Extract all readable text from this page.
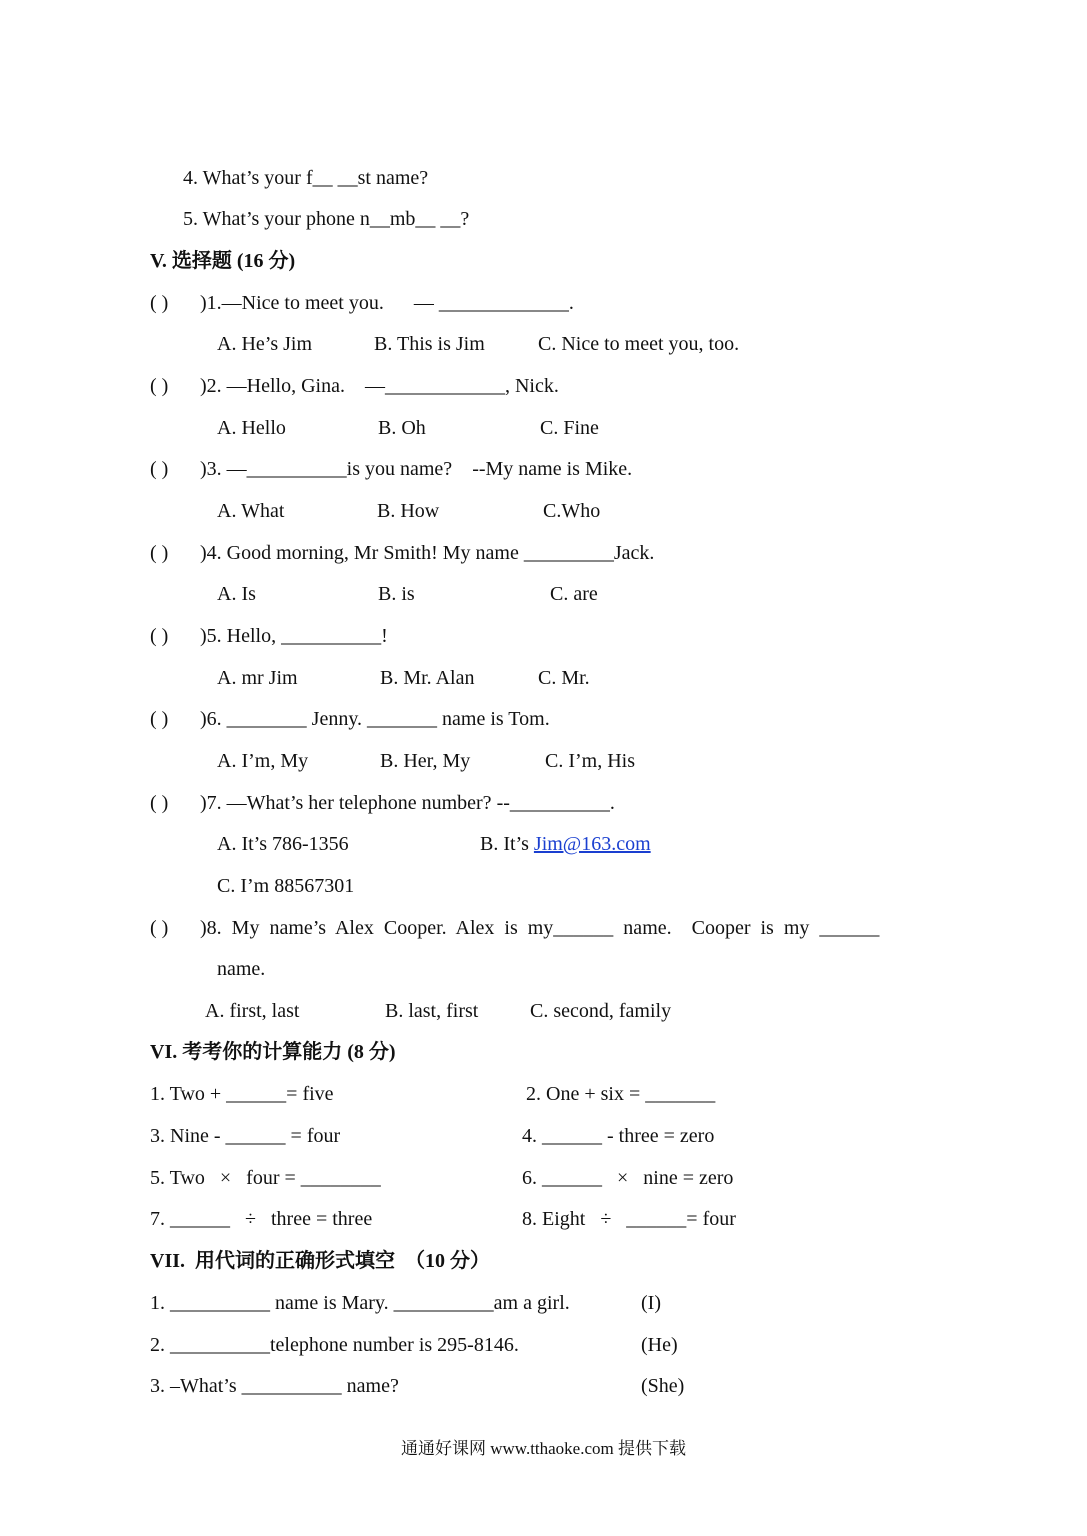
4. What’s your f__ __st name?
5. What’s your phone n__mb__ __?
V. 选择题 (16 分)
( ) )1.—Nice to meet you.      — _____________.
A. He’s Jim	B. This is Jim	C. Nice to meet you, too.
( ) )2. —Hello, Gina.    —____________, Nick.
A. Hello	B. Oh	C. Fine
( ) )3. —__________is you name?    --My name is Mike.
A. What	B. How	C.Who
( ) )4. Good morning, Mr Smith! My name _________Jack.
A. Is	B. is	C. are
( ) )5. Hello, __________!
A. mr Jim	B. Mr. Alan	C. Mr.
( ) )6. ________ Jenny. _______ name is Tom.
A. I’m, My	B. Her, My	C. I’m, His
( ) )7. —What’s her telephone number? --__________.
A. It’s 786-1356	B. It’s Jim@163.com
C. I’m 88567301
( ) )8.  My  name’s  Alex  Cooper.  Alex  is  my______  name.    Cooper  is  my  ______
name.
A. first, last	B. last, first	C. second, family
VI. 考考你的计算能力 (8 分)
1. Two + ______= five	2. One + six = _______
3. Nine - ______ = four	4. ______ - three = zero
5. Two   ×   four = ________	6. ______   ×   nine = zero
7. ______   ÷   three = three	8. Eight   ÷   ______= four
VII.  用代词的正确形式填空  （10 分）
1. __________ name is Mary. __________am a girl.	(I)
2. __________telephone number is 295-8146.	(He)
3. –What’s __________ name?	(She)
通通好课网 www.tthaoke.com 提供下载
